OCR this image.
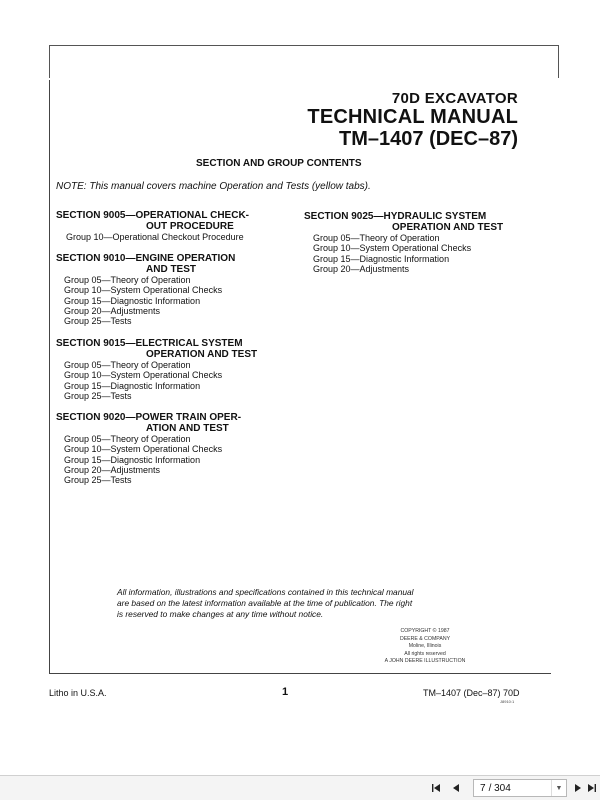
70D EXCAVATOR
TECHNICAL MANUAL
TM–1407 (DEC–87)
SECTION AND GROUP CONTENTS
NOTE: This manual covers machine Operation and Tests (yellow tabs).
SECTION 9005—OPERATIONAL CHECK-
OUT PROCEDURE
Group 10—Operational Checkout Procedure
SECTION 9010—ENGINE OPERATION
AND TEST
Group 05—Theory of Operation
Group 10—System Operational Checks
Group 15—Diagnostic Information
Group 20—Adjustments
Group 25—Tests
SECTION 9015—ELECTRICAL SYSTEM
OPERATION AND TEST
Group 05—Theory of Operation
Group 10—System Operational Checks
Group 15—Diagnostic Information
Group 25—Tests
SECTION 9020—POWER TRAIN OPER-
ATION AND TEST
Group 05—Theory of Operation
Group 10—System Operational Checks
Group 15—Diagnostic Information
Group 20—Adjustments
Group 25—Tests
SECTION 9025—HYDRAULIC SYSTEM
OPERATION AND TEST
Group 05—Theory of Operation
Group 10—System Operational Checks
Group 15—Diagnostic Information
Group 20—Adjustments
All information, illustrations and specifications contained in this technical manual
are based on the latest information available at the time of publication. The right
is reserved to make changes at any time without notice.
COPYRIGHT © 1987
DEERE & COMPANY
Moline, Illinois
All rights reserved
A JOHN DEERE ILLUSTRUCTION
Litho in U.S.A.	1	TM–1407 (Dec–87) 70D
J8910:1
7 / 304	▼
